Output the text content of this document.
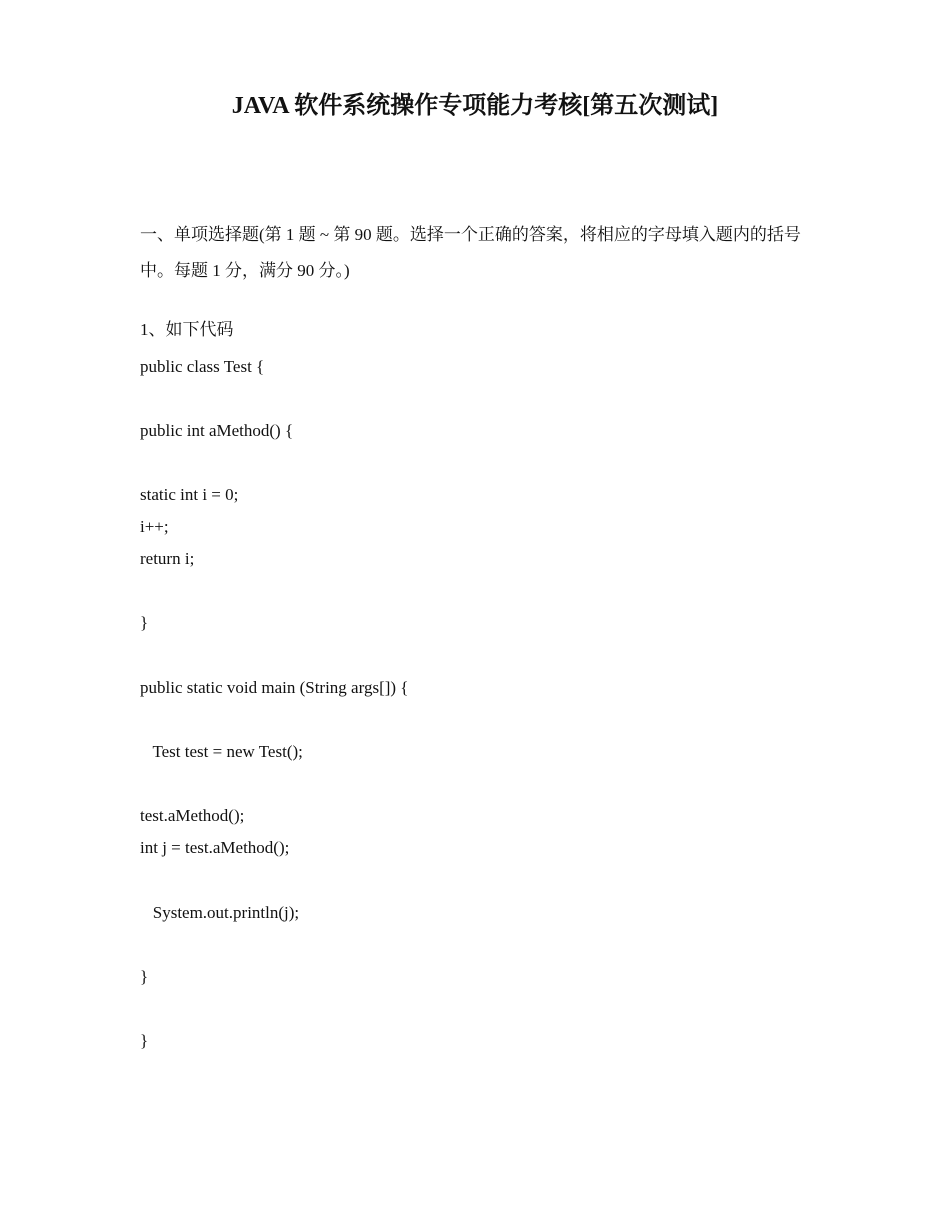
JAVA 软件系统操作专项能力考核[第五次测试]

一、单项选择题(第 1 题 ~ 第 90 题。选择一个正确的答案，将相应的字母填入题内的括号中。每题 1 分，满分 90 分。)

1、如下代码

public class Test {

public int aMethod() {

static int i = 0;

i++;

return i;

}

public static void main (String args[]) {

Test test = new Test();

test.aMethod();

int j = test.aMethod();

System.out.println(j);

}

}
